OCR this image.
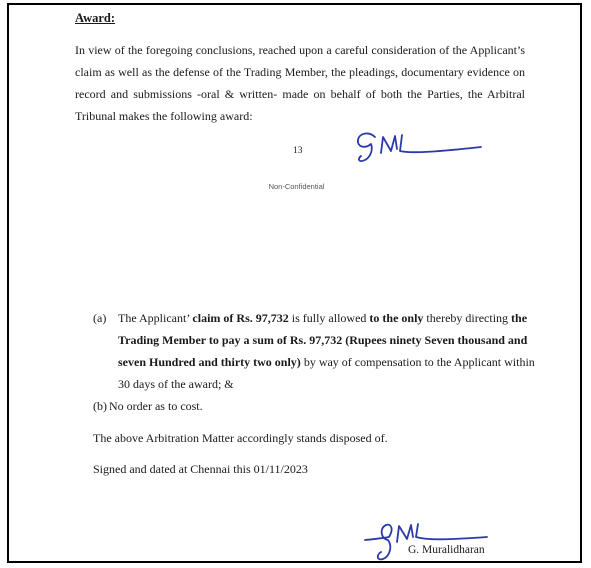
Award:
In view of the foregoing conclusions, reached upon a careful consideration of the Applicant’s claim as well as the defense of the Trading Member, the pleadings, documentary evidence on record and submissions -oral & written- made on behalf of both the Parties, the Arbitral Tribunal makes the following award:
13
Non-Confidential
(a) The Applicant’ claim of Rs. 97,732 is fully allowed to the only thereby directing the Trading Member to pay a sum of Rs. 97,732 (Rupees ninety Seven thousand and seven Hundred and thirty two only) by way of compensation to the Applicant within 30 days of the award; &
(b) No order as to cost.
The above Arbitration Matter accordingly stands disposed of.
Signed and dated at Chennai this 01/11/2023
G. Muralidharan
